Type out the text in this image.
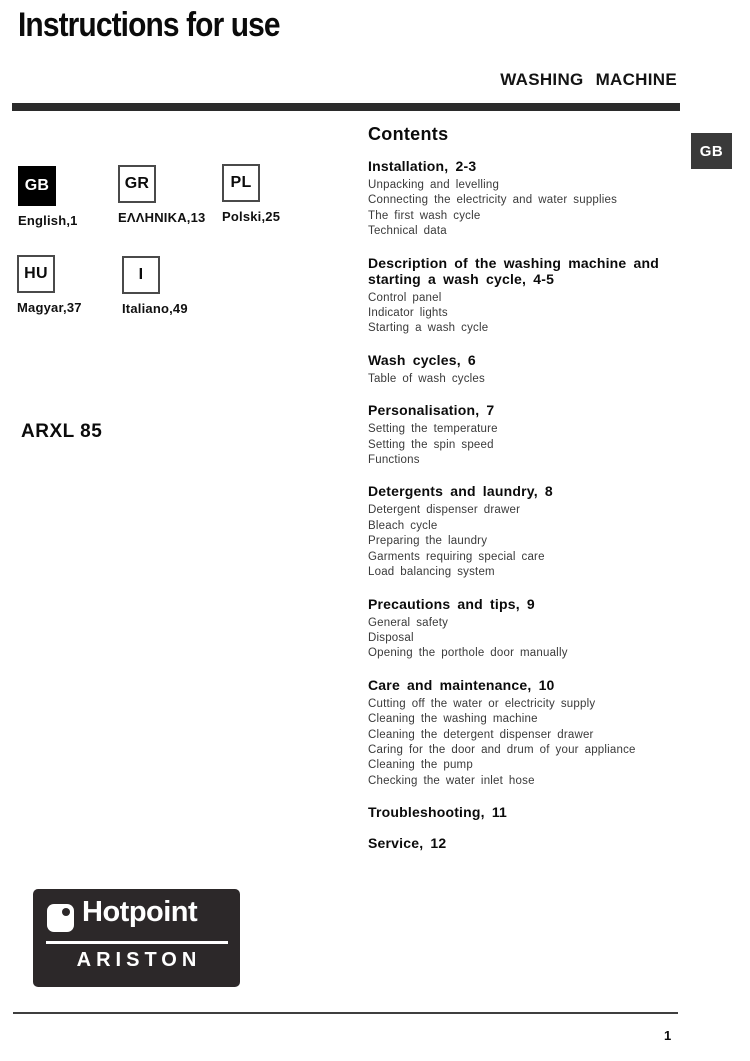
Instructions for use
WASHING MACHINE
GB
GB
English,1
GR
ΕΛΛΗΝΙΚΑ,13
PL
Polski,25
HU
Magyar,37
I
Italiano,49
ARXL 85
Contents
Installation, 2-3
Unpacking and levelling
Connecting the electricity and water supplies
The first wash cycle
Technical data
Description of the washing machine and starting a wash cycle, 4-5
Control panel
Indicator lights
Starting a wash cycle
Wash cycles, 6
Table of wash cycles
Personalisation, 7
Setting the temperature
Setting the spin speed
Functions
Detergents and laundry, 8
Detergent dispenser drawer
Bleach cycle
Preparing the laundry
Garments requiring special care
Load balancing system
Precautions and tips, 9
General safety
Disposal
Opening the porthole door manually
Care and maintenance, 10
Cutting off the water or electricity supply
Cleaning the washing machine
Cleaning the detergent dispenser drawer
Caring for the door and drum of your appliance
Cleaning the pump
Checking the water inlet hose
Troubleshooting, 11
Service, 12
Hotpoint
ARISTON
1
